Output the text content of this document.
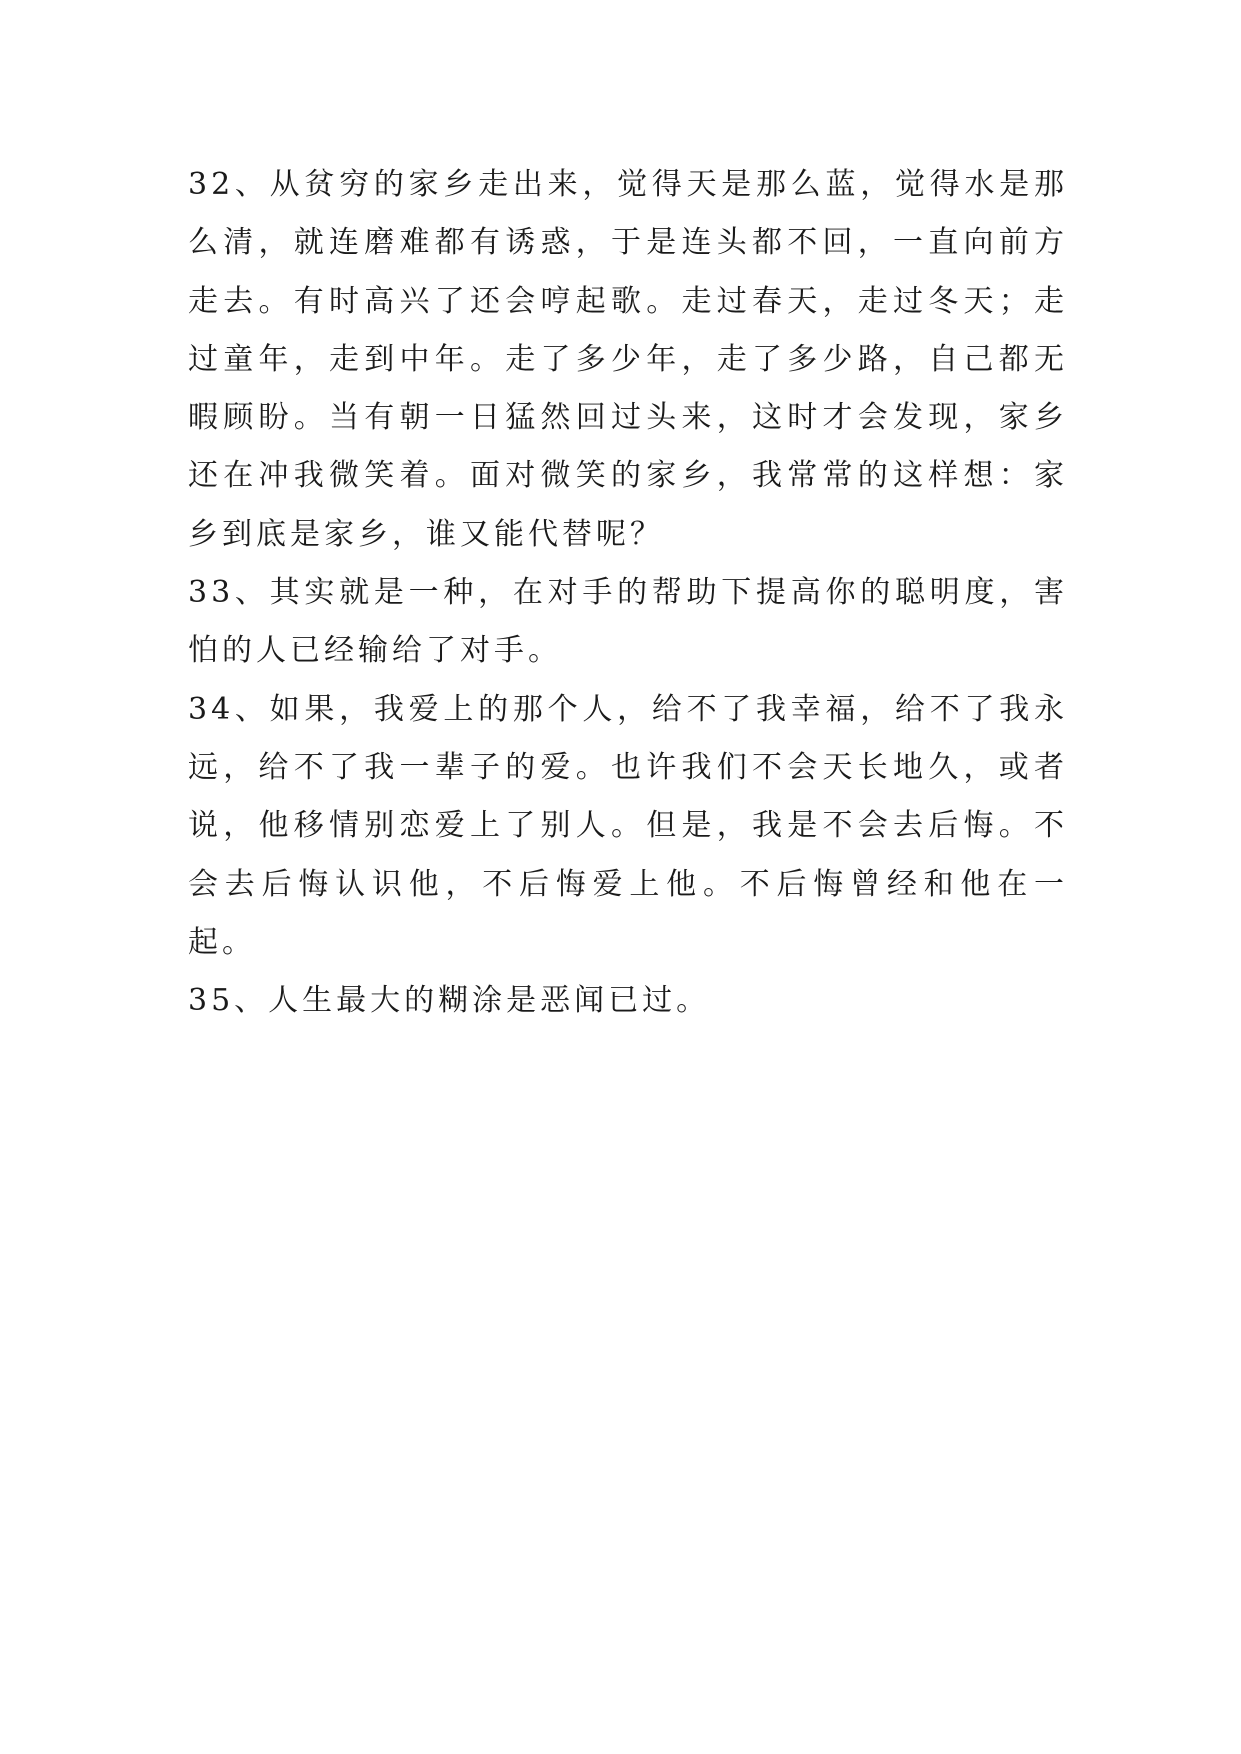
32、从贫穷的家乡走出来，觉得天是那么蓝，觉得水是那么清，就连磨难都有诱惑，于是连头都不回，一直向前方走去。有时高兴了还会哼起歌。走过春天，走过冬天；走过童年，走到中年。走了多少年，走了多少路，自己都无暇顾盼。当有朝一日猛然回过头来，这时才会发现，家乡还在冲我微笑着。面对微笑的家乡，我常常的这样想：家乡到底是家乡，谁又能代替呢？

33、其实就是一种，在对手的帮助下提高你的聪明度，害怕的人已经输给了对手。

34、如果，我爱上的那个人，给不了我幸福，给不了我永远，给不了我一辈子的爱。也许我们不会天长地久，或者说，他移情别恋爱上了别人。但是，我是不会去后悔。不会去后悔认识他，不后悔爱上他。不后悔曾经和他在一起。

35、人生最大的糊涂是恶闻已过。
